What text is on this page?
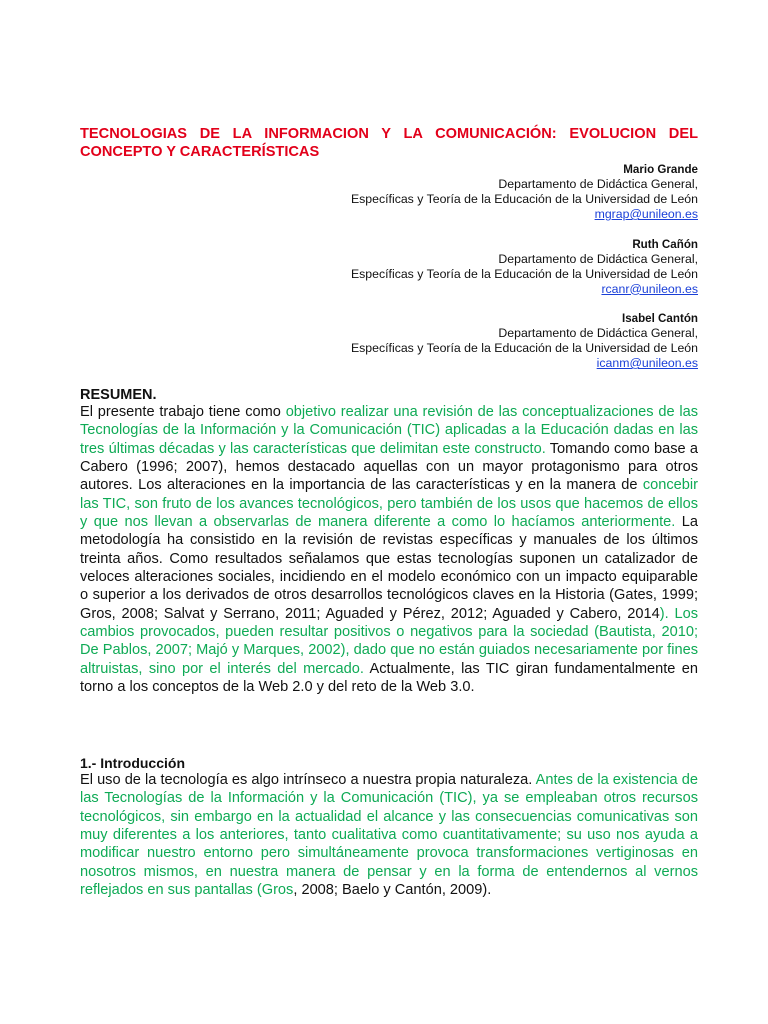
TECNOLOGIAS DE LA INFORMACION Y LA COMUNICACIÓN: EVOLUCION DEL CONCEPTO Y CARACTERÍSTICAS
Mario Grande
Departamento de Didáctica General,
Específicas y Teoría de la Educación de la Universidad de León
mgrap@unileon.es
Ruth Cañón
Departamento de Didáctica General,
Específicas y Teoría de la Educación de la Universidad de León
rcanr@unileon.es
Isabel Cantón
Departamento de Didáctica General,
Específicas y Teoría de la Educación de la Universidad de León
icanm@unileon.es
RESUMEN.

El presente trabajo tiene como objetivo realizar una revisión de las conceptualizaciones de las Tecnologías de la Información y la Comunicación (TIC) aplicadas a la Educación dadas en las tres últimas décadas y las características que delimitan este constructo. Tomando como base a Cabero (1996; 2007), hemos destacado aquellas con un mayor protagonismo para otros autores. Los alteraciones en la importancia de las características y en la manera de concebir las TIC, son fruto de los avances tecnológicos, pero también de los usos que hacemos de ellos y que nos llevan a observarlas de manera diferente a como lo hacíamos anteriormente. La metodología ha consistido en la revisión de revistas específicas y manuales de los últimos treinta años. Como resultados señalamos que estas tecnologías suponen un catalizador de veloces alteraciones sociales, incidiendo en el modelo económico con un impacto equiparable o superior a los derivados de otros desarrollos tecnológicos claves en la Historia (Gates, 1999; Gros, 2008; Salvat y Serrano, 2011; Aguaded y Pérez, 2012; Aguaded y Cabero, 2014). Los cambios provocados, pueden resultar positivos o negativos para la sociedad (Bautista, 2010; De Pablos, 2007; Majó y Marques, 2002), dado que no están guiados necesariamente por fines altruistas, sino por el interés del mercado. Actualmente, las TIC giran fundamentalmente en torno a los conceptos de la Web 2.0 y del reto de la Web 3.0.

1.- Introducción

El uso de la tecnología es algo intrínseco a nuestra propia naturaleza. Antes de la existencia de las Tecnologías de la Información y la Comunicación (TIC), ya se empleaban otros recursos tecnológicos, sin embargo en la actualidad el alcance y las consecuencias comunicativas son muy diferentes a los anteriores, tanto cualitativa como cuantitativamente; su uso nos ayuda a modificar nuestro entorno pero simultáneamente provoca transformaciones vertiginosas en nosotros mismos, en nuestra manera de pensar y en la forma de entendernos al vernos reflejados en sus pantallas (Gros, 2008; Baelo y Cantón, 2009).
